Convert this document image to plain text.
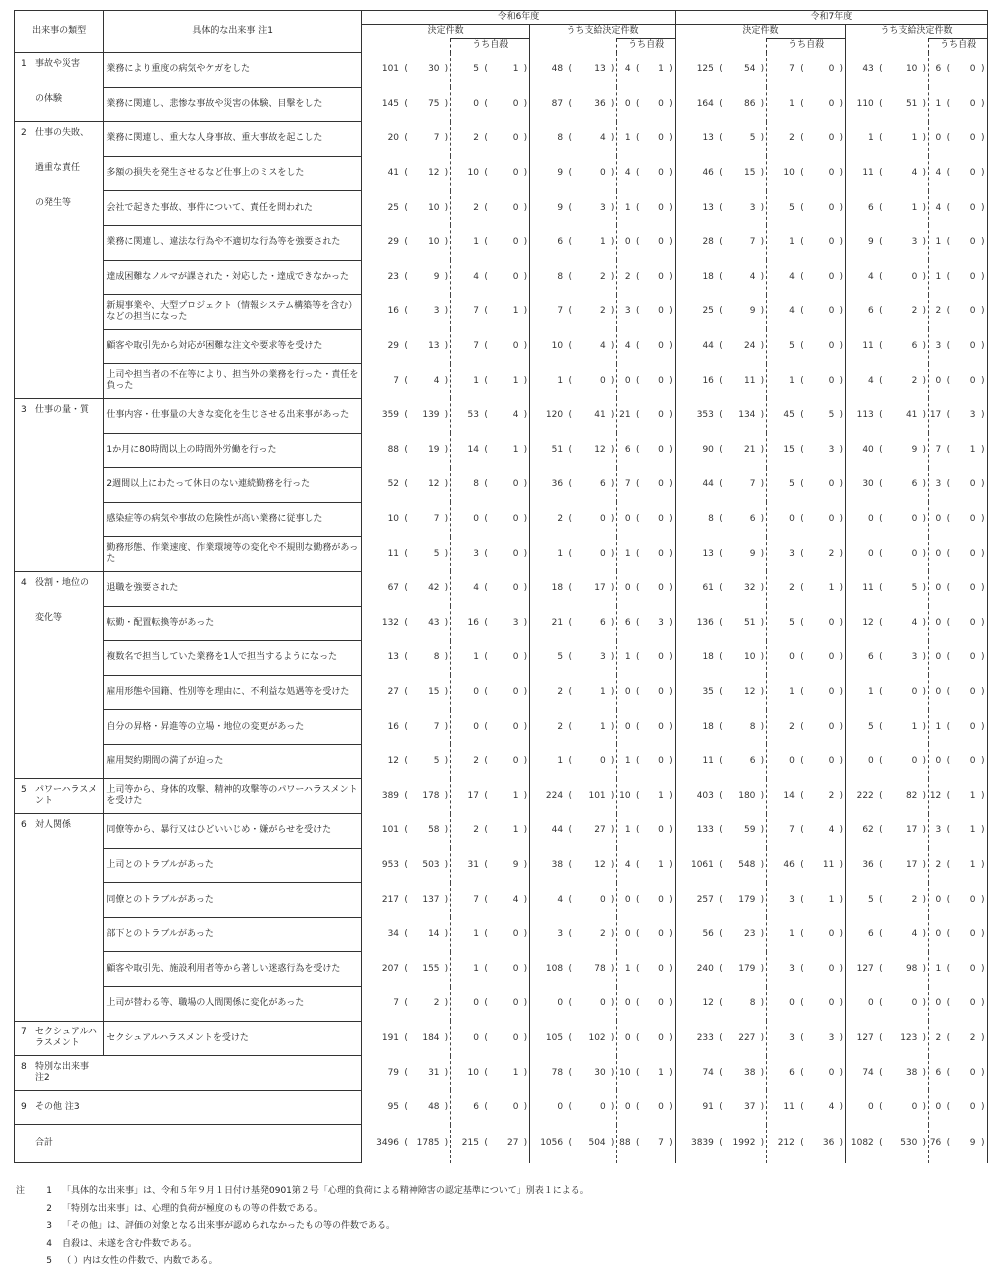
出来事の類型	具体的な出来事 注1	令和6年度																令和7年度															
		決定件数								うち支給決定件数								決定件数								うち支給決定件数							
						うち自殺								うち自殺								うち自殺								うち自殺			

1 事故や災害
の体験	業務により重度の病気やケガをした	101	(	30	)	5	(	1	)	48	(	13	)	4	(	1	)	125	(	54	)	7	(	0	)	43	(	10	)	6	(	0	)
	業務に関連し、悲惨な事故や災害の体験、目撃をした	145	(	75	)	0	(	0	)	87	(	36	)	0	(	0	)	164	(	86	)	1	(	0	)	110	(	51	)	1	(	0	)

2 仕事の失敗、
過重な責任
の発生等	業務に関連し、重大な人身事故、重大事故を起こした	20	(	7	)	2	(	0	)	8	(	4	)	1	(	0	)	13	(	5	)	2	(	0	)	1	(	1	)	0	(	0	)
	多額の損失を発生させるなど仕事上のミスをした	41	(	12	)	10	(	0	)	9	(	0	)	4	(	0	)	46	(	15	)	10	(	0	)	11	(	4	)	4	(	0	)
	会社で起きた事故、事件について、責任を問われた	25	(	10	)	2	(	0	)	9	(	3	)	1	(	0	)	13	(	3	)	5	(	0	)	6	(	1	)	4	(	0	)
	業務に関連し、違法な行為や不適切な行為等を強要された	29	(	10	)	1	(	0	)	6	(	1	)	0	(	0	)	28	(	7	)	1	(	0	)	9	(	3	)	1	(	0	)
	達成困難なノルマが課された・対応した・達成できなかった	23	(	9	)	4	(	0	)	8	(	2	)	2	(	0	)	18	(	4	)	4	(	0	)	4	(	0	)	1	(	0	)
	新規事業や、大型プロジェクト（情報システム構築等を含む）などの担当になった	16	(	3	)	7	(	1	)	7	(	2	)	3	(	0	)	25	(	9	)	4	(	0	)	6	(	2	)	2	(	0	)
	顧客や取引先から対応が困難な注文や要求等を受けた	29	(	13	)	7	(	0	)	10	(	4	)	4	(	0	)	44	(	24	)	5	(	0	)	11	(	6	)	3	(	0	)
	上司や担当者の不在等により、担当外の業務を行った・責任を負った	7	(	4	)	1	(	1	)	1	(	0	)	0	(	0	)	16	(	11	)	1	(	0	)	4	(	2	)	0	(	0	)

3 仕事の量・質	仕事内容・仕事量の大きな変化を生じさせる出来事があった	359	(	139	)	53	(	4	)	120	(	41	)	21	(	0	)	353	(	134	)	45	(	5	)	113	(	41	)	17	(	3	)
	1か月に80時間以上の時間外労働を行った	88	(	19	)	14	(	1	)	51	(	12	)	6	(	0	)	90	(	21	)	15	(	3	)	40	(	9	)	7	(	1	)
	2週間以上にわたって休日のない連続勤務を行った	52	(	12	)	8	(	0	)	36	(	6	)	7	(	0	)	44	(	7	)	5	(	0	)	30	(	6	)	3	(	0	)
	感染症等の病気や事故の危険性が高い業務に従事した	10	(	7	)	0	(	0	)	2	(	0	)	0	(	0	)	8	(	6	)	0	(	0	)	0	(	0	)	0	(	0	)
	勤務形態、作業速度、作業環境等の変化や不規則な勤務があった	11	(	5	)	3	(	0	)	1	(	0	)	1	(	0	)	13	(	9	)	3	(	2	)	0	(	0	)	0	(	0	)

4 役割・地位の
変化等	退職を強要された	67	(	42	)	4	(	0	)	18	(	17	)	0	(	0	)	61	(	32	)	2	(	1	)	11	(	5	)	0	(	0	)
	転勤・配置転換等があった	132	(	43	)	16	(	3	)	21	(	6	)	6	(	3	)	136	(	51	)	5	(	0	)	12	(	4	)	0	(	0	)
	複数名で担当していた業務を1人で担当するようになった	13	(	8	)	1	(	0	)	5	(	3	)	1	(	0	)	18	(	10	)	0	(	0	)	6	(	3	)	0	(	0	)
	雇用形態や国籍、性別等を理由に、不利益な処遇等を受けた	27	(	15	)	0	(	0	)	2	(	1	)	0	(	0	)	35	(	12	)	1	(	0	)	1	(	0	)	0	(	0	)
	自分の昇格・昇進等の立場・地位の変更があった	16	(	7	)	0	(	0	)	2	(	1	)	0	(	0	)	18	(	8	)	2	(	0	)	5	(	1	)	1	(	0	)
	雇用契約期間の満了が迫った	12	(	5	)	2	(	0	)	1	(	0	)	1	(	0	)	11	(	6	)	0	(	0	)	0	(	0	)	0	(	0	)

5 パワーハラスメント	上司等から、身体的攻撃、精神的攻撃等のパワーハラスメントを受けた	389	(	178	)	17	(	1	)	224	(	101	)	10	(	1	)	403	(	180	)	14	(	2	)	222	(	82	)	12	(	1	)

6 対人関係	同僚等から、暴行又はひどいいじめ・嫌がらせを受けた	101	(	58	)	2	(	1	)	44	(	27	)	1	(	0	)	133	(	59	)	7	(	4	)	62	(	17	)	3	(	1	)
	上司とのトラブルがあった	953	(	503	)	31	(	9	)	38	(	12	)	4	(	1	)	1061	(	548	)	46	(	11	)	36	(	17	)	2	(	1	)
	同僚とのトラブルがあった	217	(	137	)	7	(	4	)	4	(	0	)	0	(	0	)	257	(	179	)	3	(	1	)	5	(	2	)	0	(	0	)
	部下とのトラブルがあった	34	(	14	)	1	(	0	)	3	(	2	)	0	(	0	)	56	(	23	)	1	(	0	)	6	(	4	)	0	(	0	)
	顧客や取引先、施設利用者等から著しい迷惑行為を受けた	207	(	155	)	1	(	0	)	108	(	78	)	1	(	0	)	240	(	179	)	3	(	0	)	127	(	98	)	1	(	0	)
	上司が替わる等、職場の人間関係に変化があった	7	(	2	)	0	(	0	)	0	(	0	)	0	(	0	)	12	(	8	)	0	(	0	)	0	(	0	)	0	(	0	)

7 セクシュアルハラスメント	セクシュアルハラスメントを受けた	191	(	184	)	0	(	0	)	105	(	102	)	0	(	0	)	233	(	227	)	3	(	3	)	127	(	123	)	2	(	2	)

8 特別な出来事 注2		79	(	31	)	10	(	1	)	78	(	30	)	10	(	1	)	74	(	38	)	6	(	0	)	74	(	38	)	6	(	0	)

9 その他 注3		95	(	48	)	6	(	0	)	0	(	0	)	0	(	0	)	91	(	37	)	11	(	4	)	0	(	0	)	0	(	0	)

合計		3496	(	1785	)	215	(	27	)	1056	(	504	)	88	(	7	)	3839	(	1992	)	212	(	36	)	1082	(	530	)	76	(	9	)
注	1	「具体的な出来事」は、令和５年９月１日付け基発0901第２号「心理的負荷による精神障害の認定基準について」別表１による。
2	「特別な出来事」は、心理的負荷が極度のもの等の件数である。
3	「その他」は、評価の対象となる出来事が認められなかったもの等の件数である。
4	自殺は、未遂を含む件数である。
5	（ ）内は女性の件数で、内数である。
